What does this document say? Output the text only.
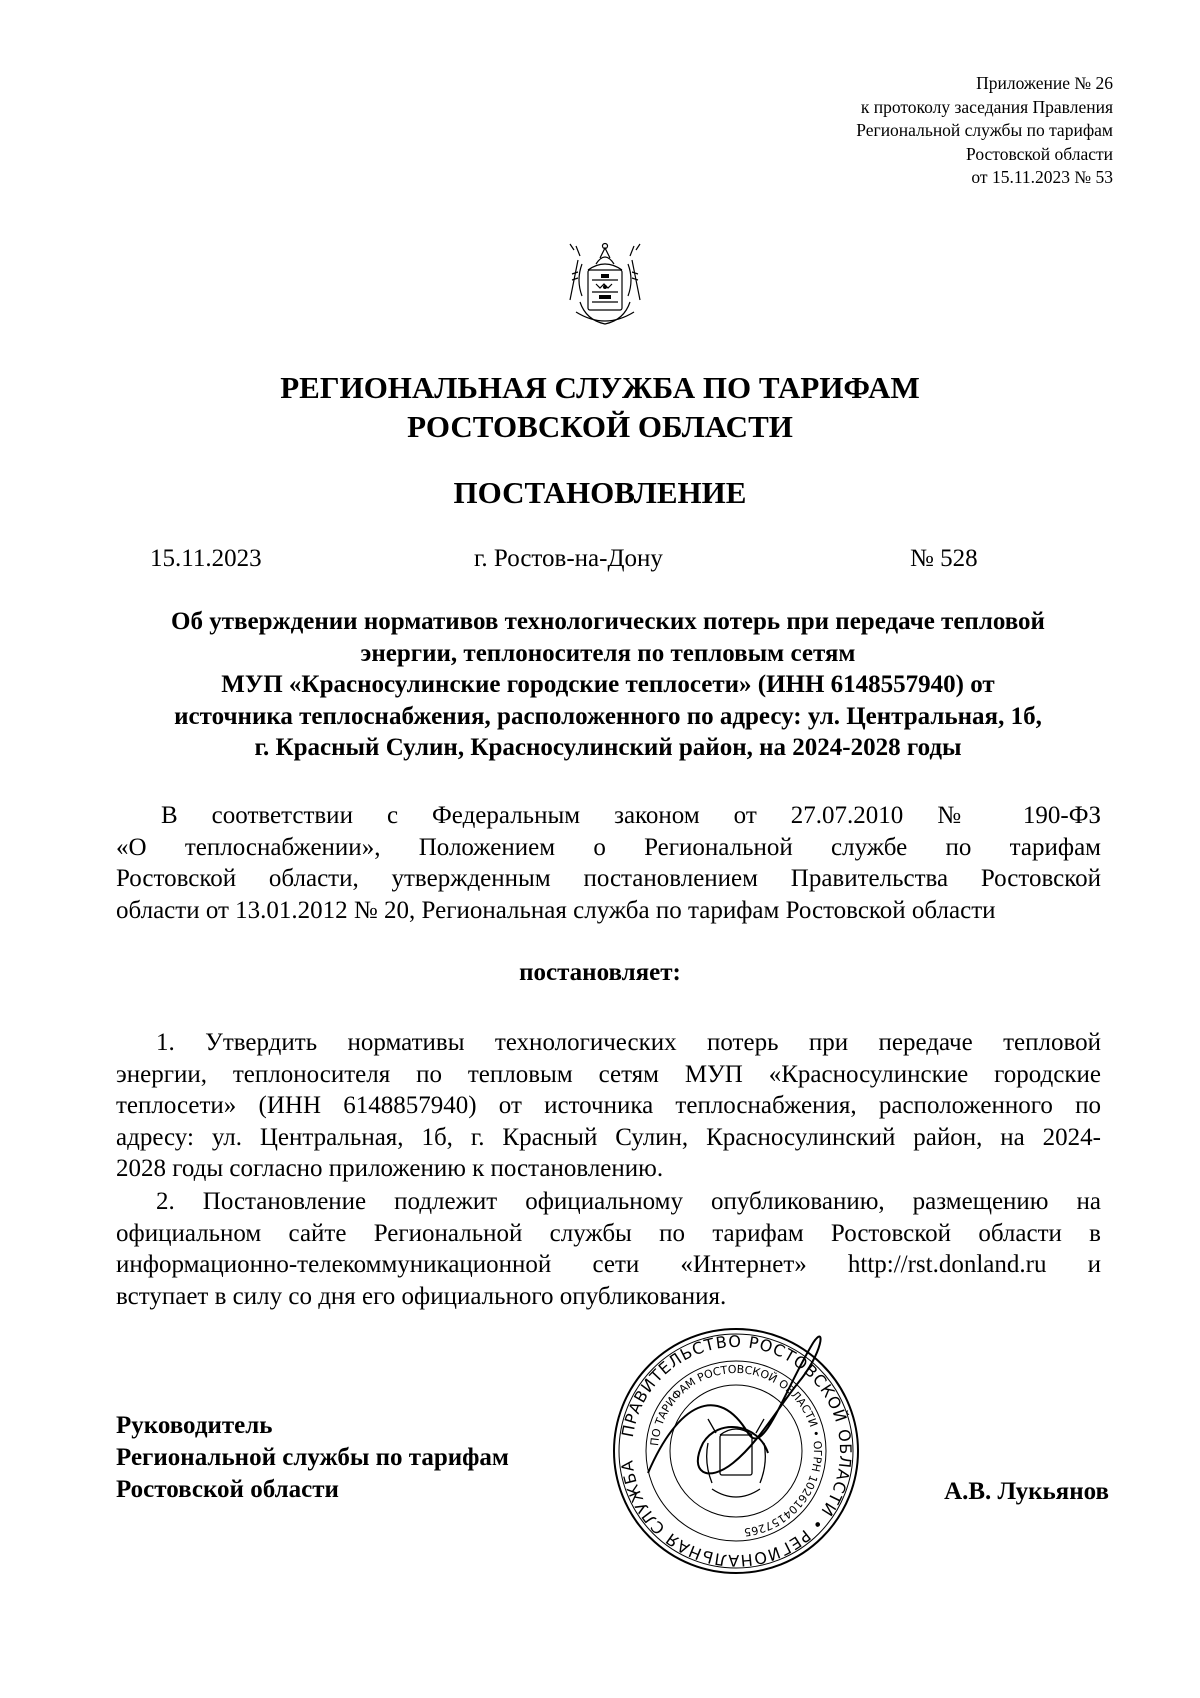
Приложение № 26
к протоколу заседания Правления
Региональной службы по тарифам
Ростовской области
от 15.11.2023 № 53
РЕГИОНАЛЬНАЯ СЛУЖБА ПО ТАРИФАМ
РОСТОВСКОЙ ОБЛАСТИ
ПОСТАНОВЛЕНИЕ
15.11.2023	г. Ростов-на-Дону	№ 528
Об утверждении нормативов технологических потерь при передаче тепловой
энергии, теплоносителя по тепловым сетям
МУП «Красносулинские городские теплосети» (ИНН 6148557940) от
источника теплоснабжения, расположенного по адресу: ул. Центральная, 1б,
г. Красный Сулин, Красносулинский район, на 2024-2028 годы
В соответствии с Федеральным законом от 27.07.2010 № 190-ФЗ
«О теплоснабжении», Положением о Региональной службе по тарифам
Ростовской области, утвержденным постановлением Правительства Ростовской
области от 13.01.2012 № 20, Региональная служба по тарифам Ростовской области
постановляет:
1. Утвердить нормативы технологических потерь при передаче тепловой
энергии, теплоносителя по тепловым сетям МУП «Красносулинские городские
теплосети» (ИНН 6148857940) от источника теплоснабжения, расположенного по
адресу: ул. Центральная, 1б, г. Красный Сулин, Красносулинский район, на 2024-
2028 годы согласно приложению к постановлению.
2. Постановление подлежит официальному опубликованию, размещению на
официальном сайте Региональной службы по тарифам Ростовской области в
информационно-телекоммуникационной сети «Интернет» http://rst.donland.ru и
вступает в силу со дня его официального опубликования.
Руководитель
Региональной службы по тарифам
Ростовской области
ПРАВИТЕЛЬСТВО РОСТОВСКОЙ ОБЛАСТИ • РЕГИОНАЛЬНАЯ СЛУЖБА
ПО ТАРИФАМ РОСТОВСКОЙ ОБЛАСТИ • ОГРН 1026104157265
А.В. Лукьянов
